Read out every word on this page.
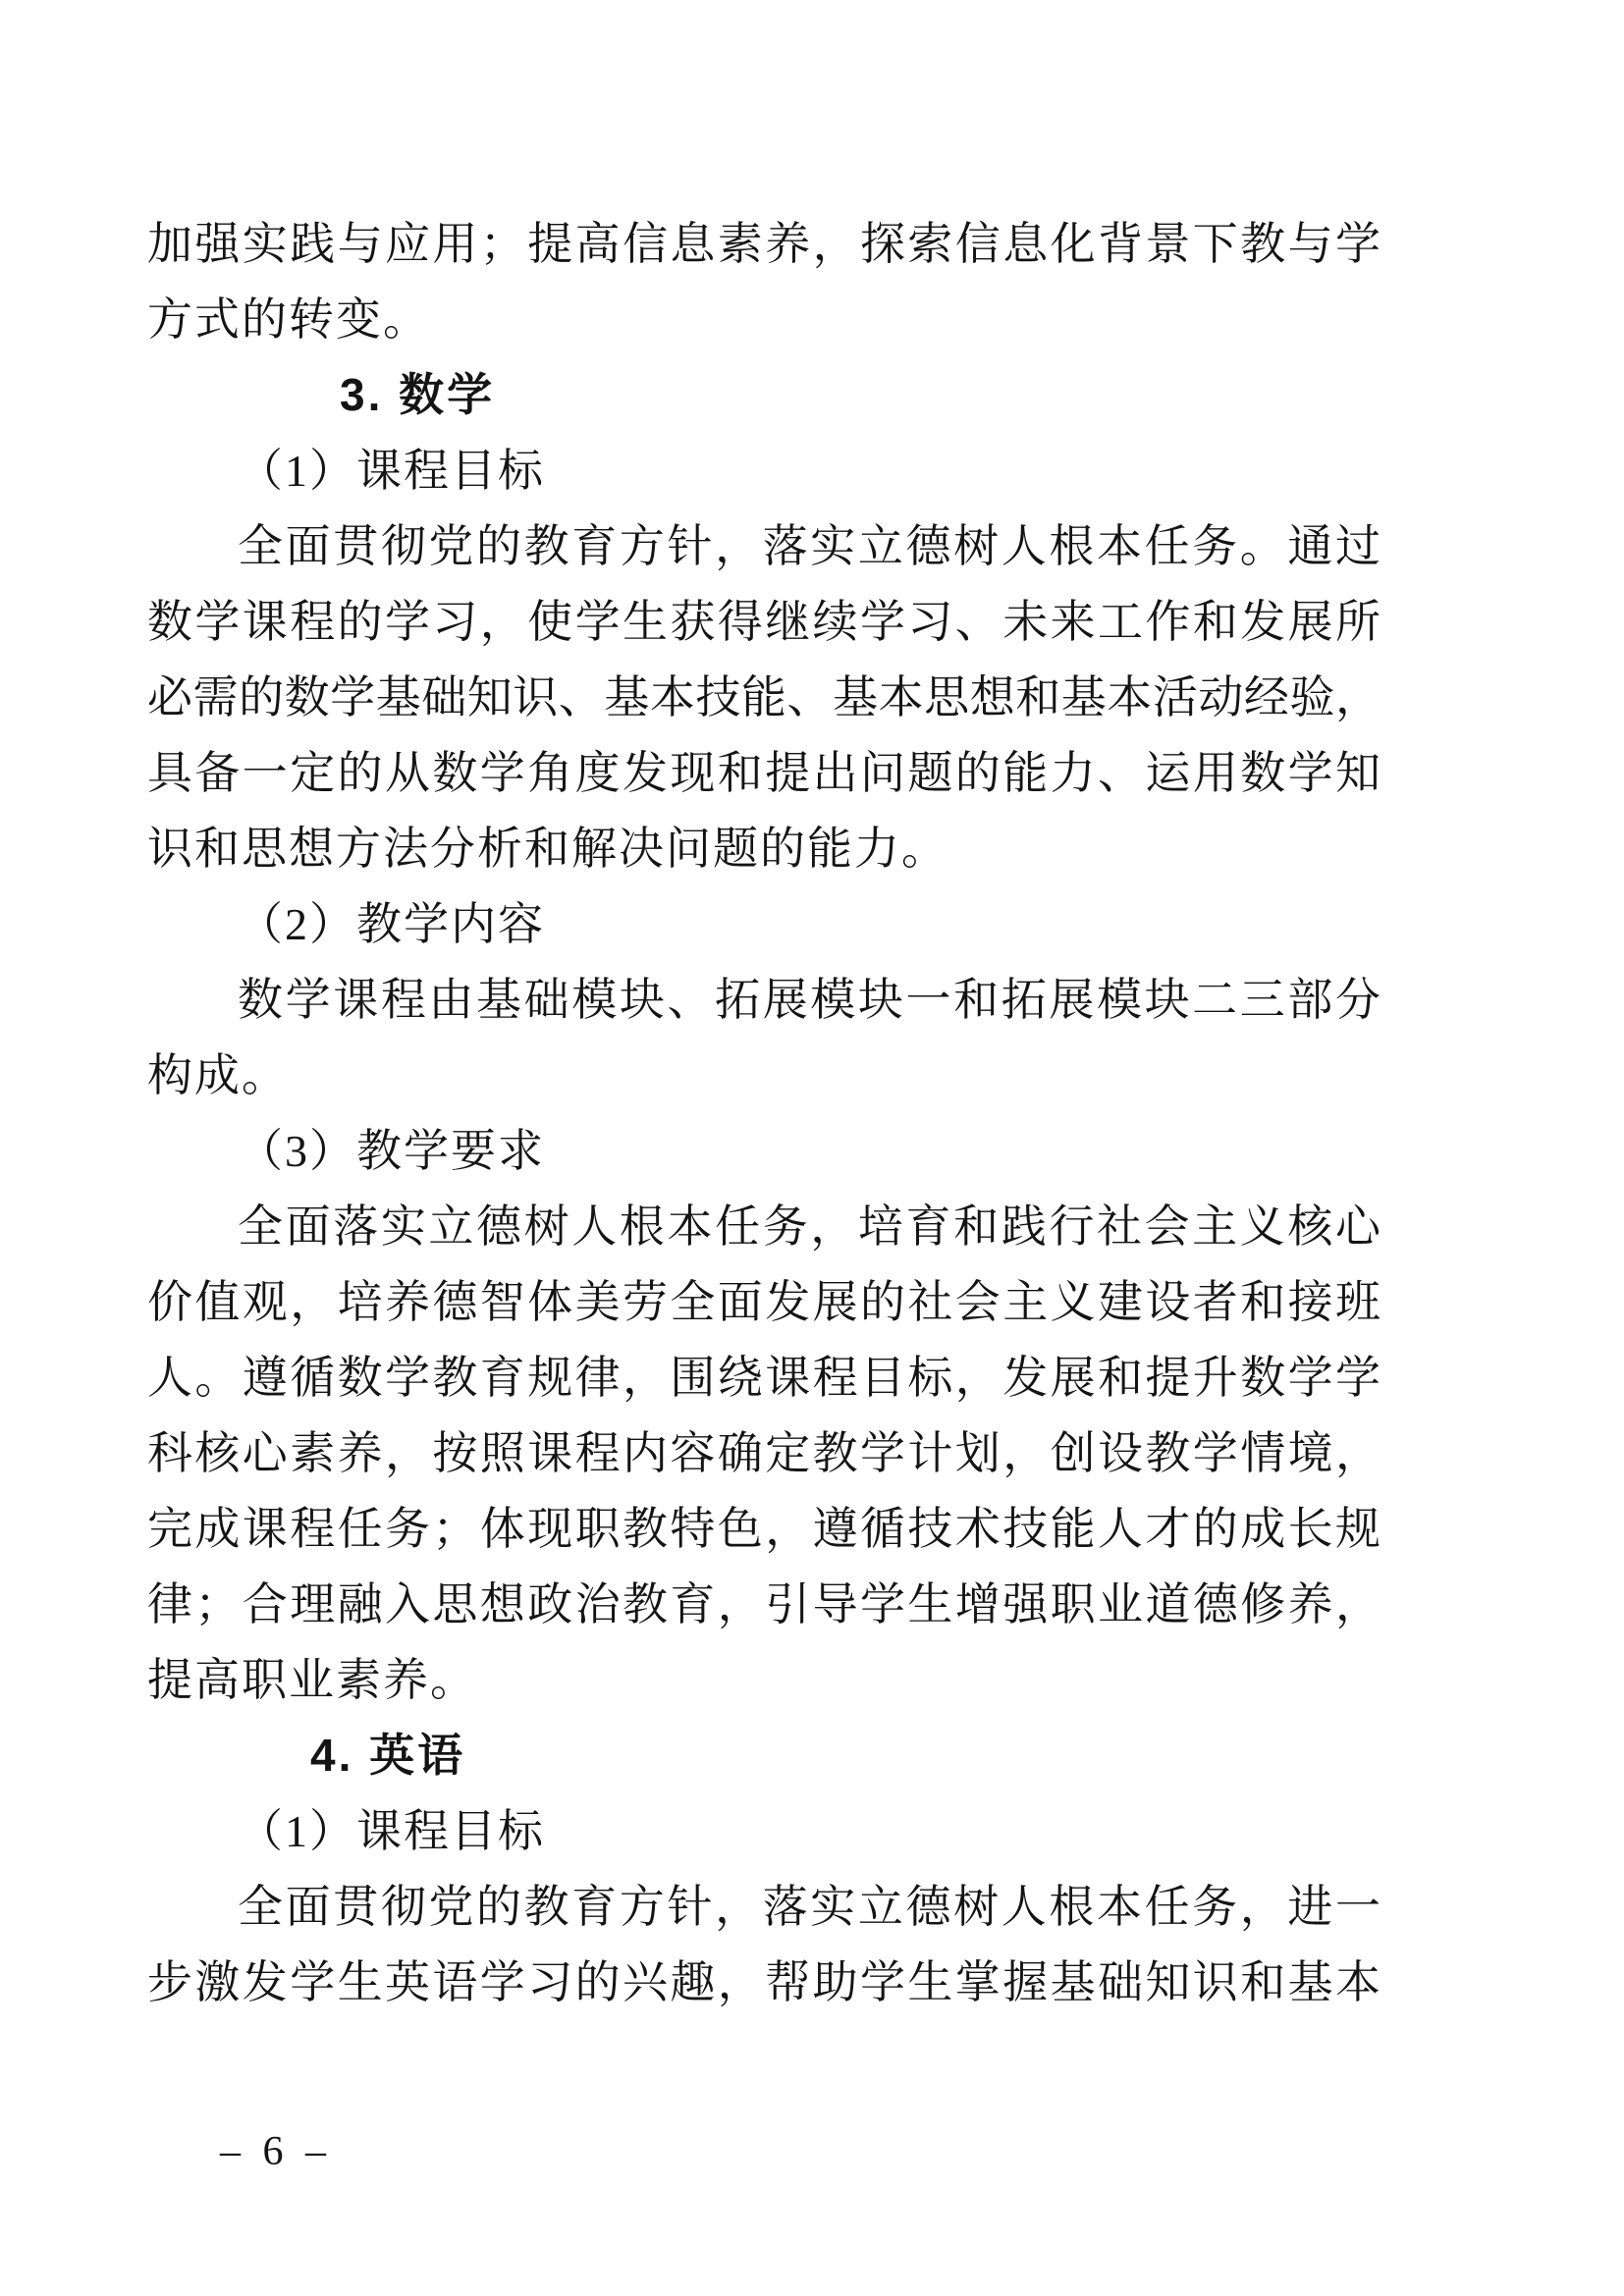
加强实践与应用；提高信息素养，探索信息化背景下教与学
方式的转变。
3. 数学
（1）课程目标
全面贯彻党的教育方针，落实立德树人根本任务。通过
数学课程的学习，使学生获得继续学习、未来工作和发展所
必需的数学基础知识、基本技能、基本思想和基本活动经验，
具备一定的从数学角度发现和提出问题的能力、运用数学知
识和思想方法分析和解决问题的能力。
（2）教学内容
数学课程由基础模块、拓展模块一和拓展模块二三部分
构成。
（3）教学要求
全面落实立德树人根本任务，培育和践行社会主义核心
价值观，培养德智体美劳全面发展的社会主义建设者和接班
人。遵循数学教育规律，围绕课程目标，发展和提升数学学
科核心素养，按照课程内容确定教学计划，创设教学情境，
完成课程任务；体现职教特色，遵循技术技能人才的成长规
律；合理融入思想政治教育，引导学生增强职业道德修养，
提高职业素养。
4. 英语
（1）课程目标
全面贯彻党的教育方针，落实立德树人根本任务，进一
步激发学生英语学习的兴趣，帮助学生掌握基础知识和基本
– 6 –
